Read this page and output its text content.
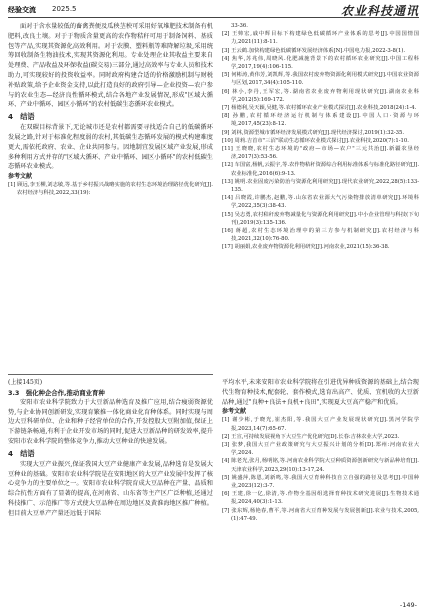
经验交流 2025.5	农业科技通讯

面对于含水量较低的畜禽粪便及瓜秧茎秧可采用好氧堆肥技术制备有机肥料,改良土壤。对于于物质含量更高的农作物秸秆可用于制备饲料、基质包等产品,实现其资源化高效利用。对于农膜、塑料瓶等难降解垃圾,采用统筹回收制备生物油技术,实现其资源化利用。专业处理企业其收益主要来自处理费、产品收益及环保收益(碳交易)三部分,通过高效率与专业人员和技术助力,可实现较好的投资收益率。同时政府构建合适的价格激励机制与财税补贴政策,给予企业资金支持,以此打造良好的政府引导—企业投资—农户参与的农业生态—经济良性循环模式,结合各地产业发展情况,形成"区域大循环、产业中循环、园区小循环"的农村低碳生态循环农业模式。

4　结语

在双碳目标背景下,无论城市还是农村都需要寻找适合自己的低碳循环发展之路,针对于标准化程度弱的农村,其低碳生态循环发展的模式构建难度更大,需依托政府、农业、企业共同参与。因地制宜发展区域产业发展,形成多种利用方式并存的"区域大循环、产业中循环、园区小循环"的农村低碳生态循环农业模式。

参考文献
[1] 顾远,李玉柳,刘志敏,等.基于乡村振兴战略实施的农村生态环境治理路径优化研究[J].农村经济与科技,2022,33(19):
33-36.
[2] 王帅宏,戚中辉目标下构建绿色低碳循环产业体系的思考[J].中国国情国力,2021(11):8-11.
[3] 王云鹤.加快构建绿色低碳循环发展经济体系[N].中国电力报,2022-3-8(1).
[4] 焦华,苏兆伟,周晓风.化肥减施背景下的农村循环农业研究[J].中国工程科学,2017,19(4):106-115.
[5] 何彬涛,黄伟芳,刘凯辉,等.我国农村废弃物资源化利用模式研究[J].中国农业资源与区划,2017,34(4):105-110.
[6] 林小,李丹,王军宏,等.湖南省农业废弃物利用现状研究[J].湖南农业科学,2012(5):169-172.
[7] 杨德利,吴天颖,吴健,等.农村循环农业产业模式探讨[J].农业科技,2018(24):1-4.
[8] 孙鹏,农村循环经济运行机制与体系建设[J].中国人口·资源与环境,2017,45(23):8-12.
[9] 刘林,资源型城市循环经济发展模式研究[J].现代经济探讨,2019(1):32-35.
[10] 周莉.吉首市"三沼"联动生态循环农业模式探讨[J].农业科技,2020(7):1-10.
[11] 王晓晓,农村生态环境的"政府—市场—农户"三元共治[J].新疆农垦经济,2017(3):53-56.
[12] 车国富,杨帆,云振宇,等.农作物秸秆资源综合利用标准体系与标准化路径研究[J].农业标准化,2016(6):9-13.
[13] 姚明.农业固废污染防治与资源化利用研究[J].现代农业研究,2022,28(5):133-135.
[14] 吕晓霞,许鹏杰,赵鹏,等.山东省农业源大气污染物排放清单研究[J].环境科学,2022,35(3):38-43.
[15] 吴志勇,农村秸秆废弃物减量化与资源化利用研究[J].中小企业管理与科技(下旬刊),2019(3):135-136.
[16] 蒋超,农村生态环境治理中的第三方参与机制研究[J].农村经济与科技,2021,32(10):76-80.
[17] 胡丽娟,农业废弃物资源化利用研究[J].河南农业,2021(15):36-38.
(上接145页)
3.3　强化种企合作,推动商业育种

安阳市农业科学院致力于大豆新品种选育及推广应用,结合瘦弱资源优势,与企业协同创新研发,实现育繁推一体化商业化育种体系。同时实现与周边大豆科研单位、企业和种子经营单位的合作,开发控股大豆附加值,保证上下游链条畅通,有利于企业开发市场的同时,促进大豆新品种的研发效率,提升安阳市农业科学院的整体竞争力,推动大豆种业的快速发展。

4　结语

实现大豆产业振兴,保证我国大豆产业健康产业发展,品种选育是发展大豆种业的基础。安阳市农业科学院是在安阳地区的大豆产业发展中发挥了核心竞争力的主要单位之一。安阳市农业科学院育成大豆品种在产量、品质和综合抗性方面有了显著的提高,在河南省、山东省等主产区广泛种植,还通过科技推广、示范推广等方式使大豆品种在周边地区及黄淮海地区推广种植。但目前大豆单产产量还远低于国际

平均水平,未来安阳市农业科学院将在引进优异种质资源的基础上,结合现代生物育种技术,配套轮、套作模式,选育出高产、优质、宜机收的大豆新品种,通过"良种+良法+良机+良田",实现夏大豆高产稳产和优质。

参考文献
[1] 谢少彬,于晓光,崔杰阳,等.我国大豆产业发展现状研究[J].黑河学院学报,2023,14(7):65-67.
[2] 王宣,可持续发展视角下大豆生产优化研究[D].长春:吉林农业大学,2023.
[3] 张梦,我国大豆产业政策研究与大豆振兴计划的分析[D].郑州:河南农业大学,2024.
[4] 陈老光,张月,杨明铭,等.河南农业科学院大豆种质资源创新研究与新品种培育[J].天津农业科学,2023,29(10):13-17,24.
[5] 姚盛萍,陈恩,刘新鸣,等.我国大豆育种科技自立自强的路径及思考[J].中国种业,2023(12):3-7.
[6] 王建,徐一亿,徐清,等.作物全基因组选择育种技术研究进展[J].生物技术通报,2024,40(3):1-13.
[7] 张东辉,杨艳春,曹平,等.河南省大豆育种发展与发展创新[J].农业与技术,2005,(1):47-49.
-149-
